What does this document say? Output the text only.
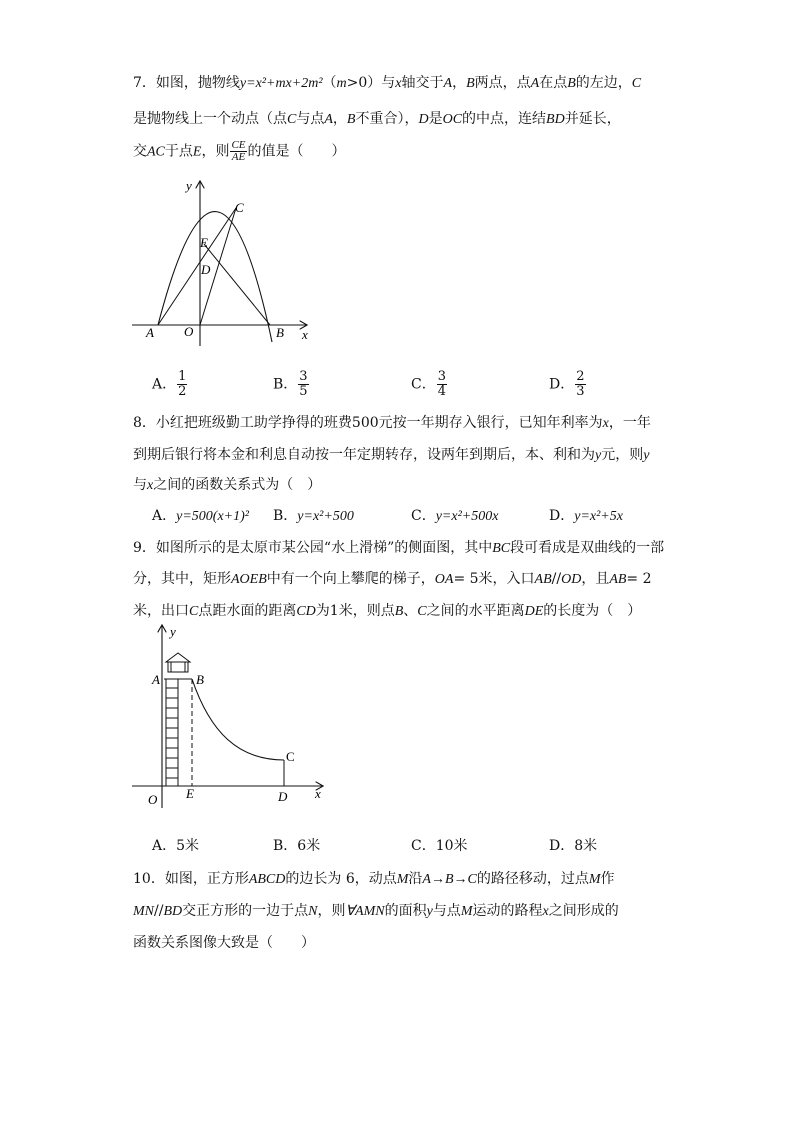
7．如图，抛物线y=x²+mx+2m²（m>0）与x轴交于A，B两点，点A在点B的左边，C
是抛物线上一个动点（点C与点A，B不重合），D是OC的中点，连结BD并延长，
交AC于点E，则 $\frac{CE}{AE}$ 的值是（　　）
y
x
A O	B
C
D
E
A． $\frac{1}{2}$	B． $\frac{3}{5}$	C． $\frac{3}{4}$	D． $\frac{2}{3}$
8．小红把班级勤工助学挣得的班费500元按一年期存入银行，已知年利率为x，一年
到期后银行将本金和利息自动按一年定期转存，设两年到期后，本、利和为y元，则y
与x之间的函数关系式为（　）
A．y=500(x+1)² B．y=x²+500	C．y=x²+500x	D．y=x²+5x
9．如图所示的是太原市某公园“水上滑梯”的侧面图，其中BC段可看成是双曲线的一部
分，其中，矩形AOEB中有一个向上攀爬的梯子，OA= 5米，入口AB//OD，且AB= 2
米，出口C点距水面的距离CD为1米，则点B、C之间的水平距离DE的长度为（　）
y
x
A	B
C
O E	D
A．5米	B．6米	C．10米	D．8米
10．如图，正方形ABCD的边长为 6，动点M沿A→B→C的路径移动，过点M作
MN//BD交正方形的一边于点N，则∀AMN的面积y与点M运动的路程x之间形成的
函数关系图像大致是（　　）
